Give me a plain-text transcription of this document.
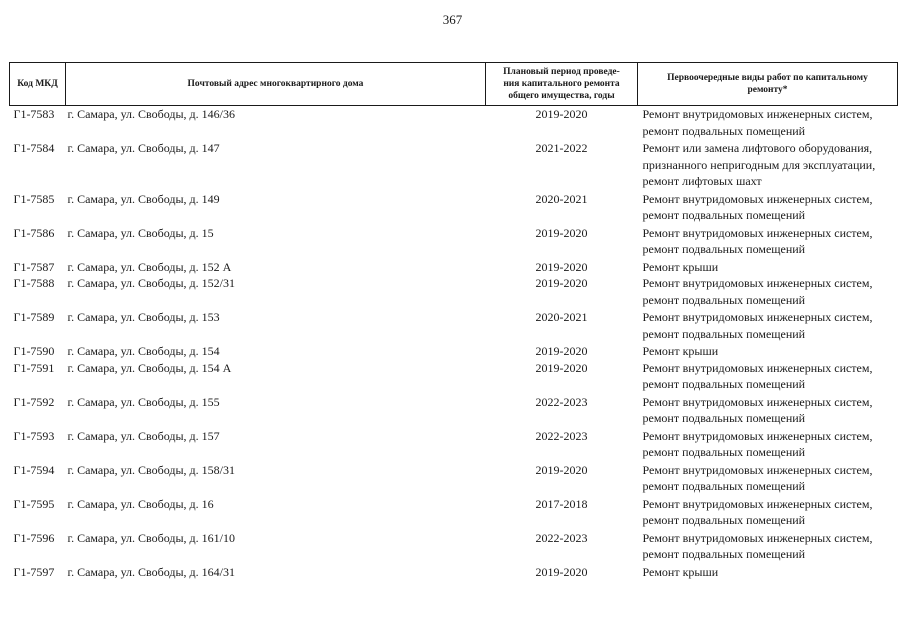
367
Код МКД	Почтовый адрес многоквартирного дома	Плановый период проведе-
ния капитального ремонта
общего имущества, годы	Первоочередные виды работ по капитальному
ремонту*
Г1-7583	г. Самара, ул. Свободы, д. 146/36	2019-2020	Ремонт внутридомовых инженерных систем,
ремонт подвальных помещений
Г1-7584	г. Самара, ул. Свободы, д. 147	2021-2022	Ремонт или замена лифтового оборудования,
признанного непригодным для эксплуатации,
ремонт лифтовых шахт
Г1-7585	г. Самара, ул. Свободы, д. 149	2020-2021	Ремонт внутридомовых инженерных систем,
ремонт подвальных помещений
Г1-7586	г. Самара, ул. Свободы, д. 15	2019-2020	Ремонт внутридомовых инженерных систем,
ремонт подвальных помещений
Г1-7587	г. Самара, ул. Свободы, д. 152 А	2019-2020	Ремонт крыши
Г1-7588	г. Самара, ул. Свободы, д. 152/31	2019-2020	Ремонт внутридомовых инженерных систем,
ремонт подвальных помещений
Г1-7589	г. Самара, ул. Свободы, д. 153	2020-2021	Ремонт внутридомовых инженерных систем,
ремонт подвальных помещений
Г1-7590	г. Самара, ул. Свободы, д. 154	2019-2020	Ремонт крыши
Г1-7591	г. Самара, ул. Свободы, д. 154 А	2019-2020	Ремонт внутридомовых инженерных систем,
ремонт подвальных помещений
Г1-7592	г. Самара, ул. Свободы, д. 155	2022-2023	Ремонт внутридомовых инженерных систем,
ремонт подвальных помещений
Г1-7593	г. Самара, ул. Свободы, д. 157	2022-2023	Ремонт внутридомовых инженерных систем,
ремонт подвальных помещений
Г1-7594	г. Самара, ул. Свободы, д. 158/31	2019-2020	Ремонт внутридомовых инженерных систем,
ремонт подвальных помещений
Г1-7595	г. Самара, ул. Свободы, д. 16	2017-2018	Ремонт внутридомовых инженерных систем,
ремонт подвальных помещений
Г1-7596	г. Самара, ул. Свободы, д. 161/10	2022-2023	Ремонт внутридомовых инженерных систем,
ремонт подвальных помещений
Г1-7597	г. Самара, ул. Свободы, д. 164/31	2019-2020	Ремонт крыши
